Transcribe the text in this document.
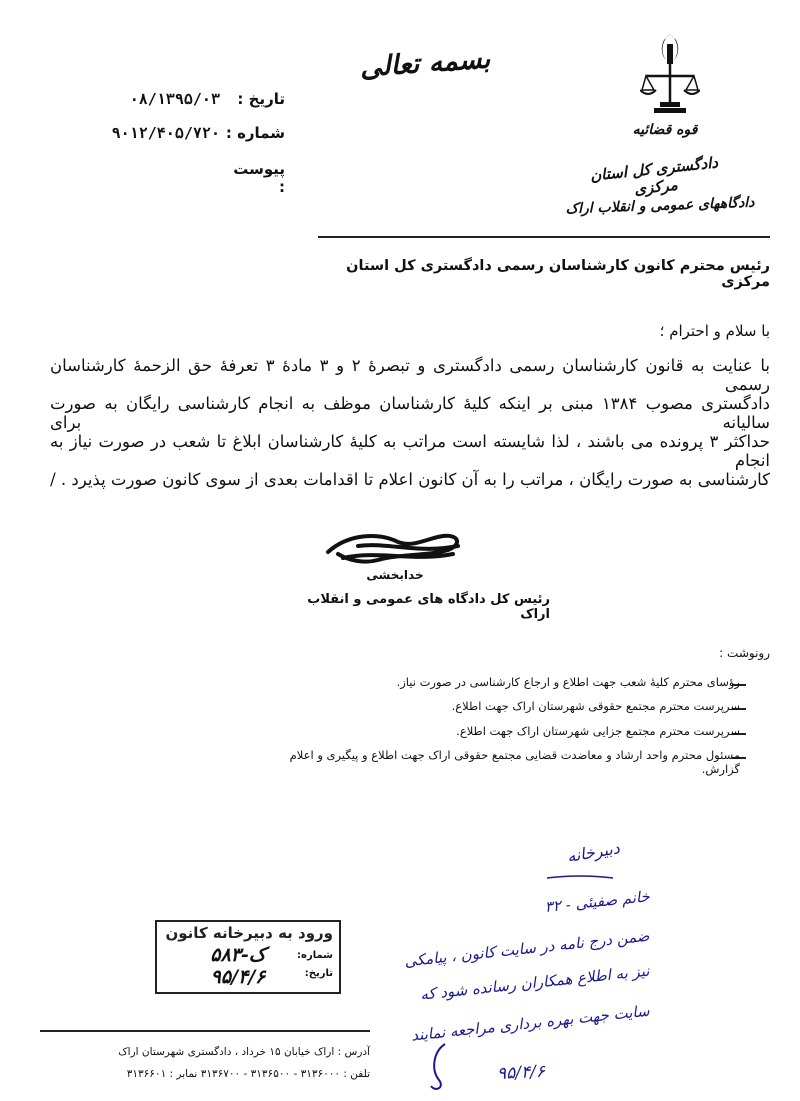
بسمه تعالی
قوه قضائیه
دادگستری کل استان مرکزی
دادگاههای عمومی و انقلاب اراک
تاریخ :
۰۸/۱۳۹۵/۰۳
شماره :
۹۰۱۲/۴۰۵/۷۲۰
پیوست :
رئیس محترم کانون کارشناسان رسمی دادگستری کل استان مرکزی
با سلام و احترام ؛
با عنایت به قانون کارشناسان رسمی دادگستری و تبصرهٔ ۲ و ۳ مادهٔ ۳ تعرفهٔ حق الزحمهٔ کارشناسان رسمی
دادگستری مصوب ۱۳۸۴ مبنی بر اینکه کلیهٔ کارشناسان موظف به انجام کارشناسی رایگان به صورت سالیانه برای
حداکثر ۳ پرونده می باشند ، لذا شایسته است مراتب به کلیهٔ کارشناسان ابلاغ تا شعب در صورت نیاز به انجام
کارشناسی به صورت رایگان ، مراتب را به آن کانون اعلام تا اقدامات بعدی از سوی کانون صورت پذیرد . /
خدابخشی
رئیس کل دادگاه های عمومی و انقلاب اراک
رونوشت :
رؤسای محترم کلیهٔ شعب جهت اطلاع و ارجاع کارشناسی در صورت نیاز.
سرپرست محترم مجتمع حقوقی شهرستان اراک جهت اطلاع.
سرپرست محترم مجتمع جزایی شهرستان اراک جهت اطلاع.
مسئول محترم واحد ارشاد و معاضدت قضایی مجتمع حقوقی اراک جهت اطلاع و پیگیری و اعلام گزارش.
دبیرخانه
خانم صفیئی - ۳۲
ضمن درج نامه در سایت کانون ، پیامکی
نیز به اطلاع همکاران رسانده شود که
سایت جهت بهره برداری مراجعه نمایند
۹۵/۴/۶
ورود به دبیرخانه کانون
شماره:
تاریخ:
ک-۵۸۳
۹۵/۴/۶
آدرس : اراک خیابان ۱۵ خرداد ، دادگستری شهرستان اراک
تلفن : ۳۱۳۶۰۰۰ - ۳۱۳۶۵۰۰ - ۳۱۳۶۷۰۰ نمابر : ۳۱۳۶۶۰۱
